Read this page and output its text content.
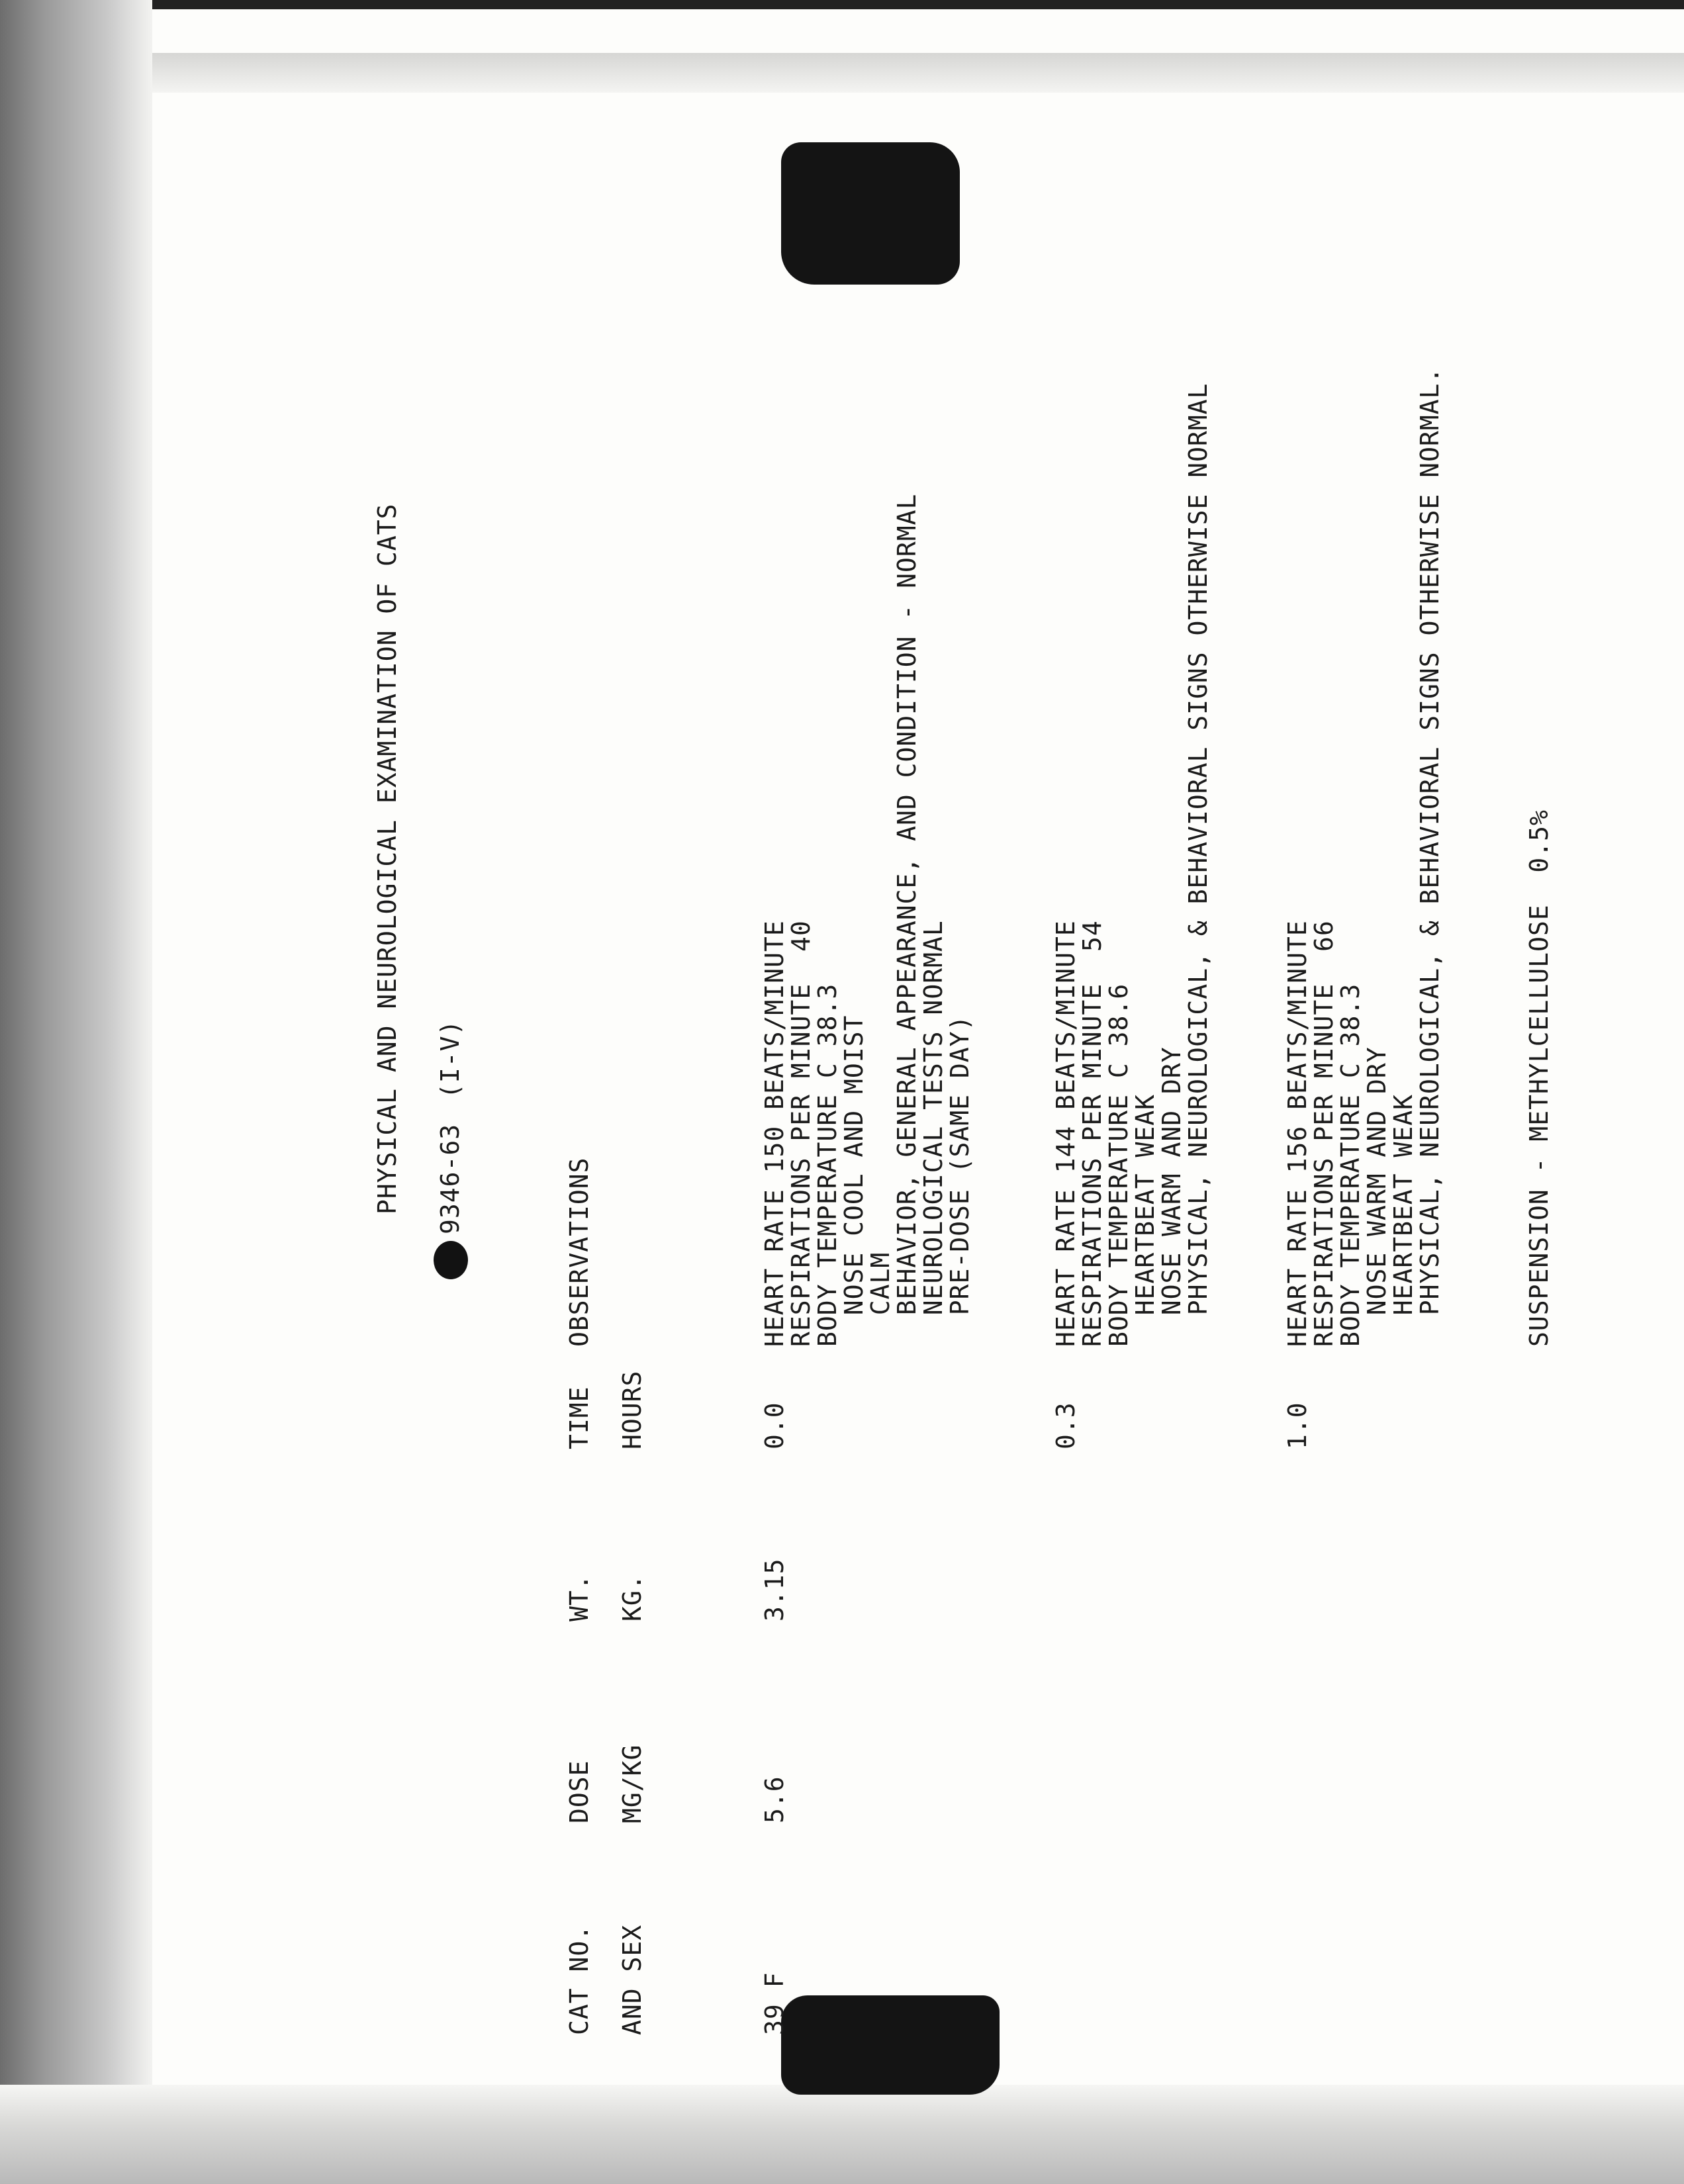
PHYSICAL AND NEUROLOGICAL EXAMINATION OF CATS 9346-63
(I-V)
CAT NO. AND SEX
DOSE MG/KG
WT. KG.
TIME HOURS
OBSERVATIONS
39 F
5.6
3.15
0.0
HEART RATE 150 BEATS/MINUTE
RESPIRATIONS PER MINUTE  40
BODY TEMPERATURE C 38.3
NOSE COOL AND MOIST
CALM
BEHAVIOR, GENERAL APPEARANCE, AND CONDITION - NORMAL
NEUROLOGICAL TESTS NORMAL
PRE-DOSE (SAME DAY)
0.3
HEART RATE 144 BEATS/MINUTE
RESPIRATIONS PER MINUTE  54
BODY TEMPERATURE C 38.6
HEARTBEAT WEAK
NOSE WARM AND DRY
PHYSICAL, NEUROLOGICAL, & BEHAVIORAL SIGNS OTHERWISE NORMAL
1.0
HEART RATE 156 BEATS/MINUTE
RESPIRATIONS PER MINUTE  66
BODY TEMPERATURE C 38.3
NOSE WARM AND DRY
HEARTBEAT WEAK
PHYSICAL, NEUROLOGICAL, & BEHAVIORAL SIGNS OTHERWISE NORMAL.	SUSPENSION - METHYLCELLULOSE  0.5%
